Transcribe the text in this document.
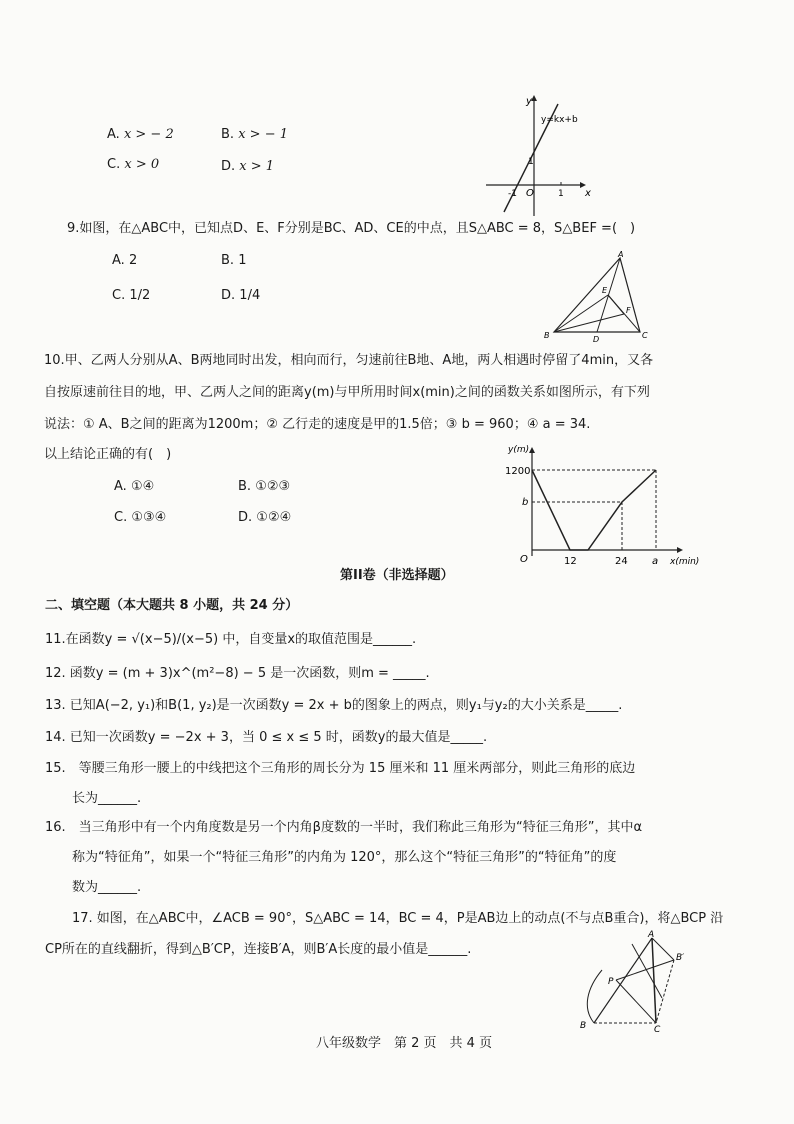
A. x > − 2	B. x > − 1
C. x > 0	D. x > 1
y=kx+b
y
x
O
1
-1	1
9.如图，在△ABC中，已知点D、E、F分别是BC、AD、CE的中点，且S△ABC = 8，S△BEF =(　)
A. 2	B. 1
C. 1/2	D. 1/4
A
B	C
D
E
F
10.甲、乙两人分别从A、B两地同时出发，相向而行，匀速前往B地、A地，两人相遇时停留了4min，又各
自按原速前往目的地，甲、乙两人之间的距离y(m)与甲所用时间x(min)之间的函数关系如图所示，有下列
说法：① A、B之间的距离为1200m；② 乙行走的速度是甲的1.5倍；③ b = 960；④ a = 34.
以上结论正确的有(　)
A. ①④	B. ①②③
C. ①③④	D. ①②④
y(m)
1200
b
O	12	24 a x(min)
第II卷（非选择题）
二、填空题（本大题共 8 小题，共 24 分）
11.在函数y = √(x−5)/(x−5) 中，自变量x的取值范围是______.
12. 函数y = (m + 3)x^(m²−8) − 5 是一次函数，则m = _____.
13. 已知A(−2, y₁)和B(1, y₂)是一次函数y = 2x + b的图象上的两点，则y₁与y₂的大小关系是_____.
14. 已知一次函数y = −2x + 3，当 0 ≤ x ≤ 5 时，函数y的最大值是_____.
15.　等腰三角形一腰上的中线把这个三角形的周长分为 15 厘米和 11 厘米两部分，则此三角形的底边
长为______.
16.　当三角形中有一个内角度数是另一个内角β度数的一半时，我们称此三角形为“特征三角形”，其中α
称为“特征角”，如果一个“特征三角形”的内角为 120°，那么这个“特征三角形”的“特征角”的度
数为______.
17. 如图，在△ABC中，∠ACB = 90°，S△ABC = 14，BC = 4，P是AB边上的动点(不与点B重合)，将△BCP 沿
CP所在的直线翻折，得到△B′CP，连接B′A，则B′A长度的最小值是______.
A
B	C
P
B′
八年级数学　第 2 页　共 4 页
